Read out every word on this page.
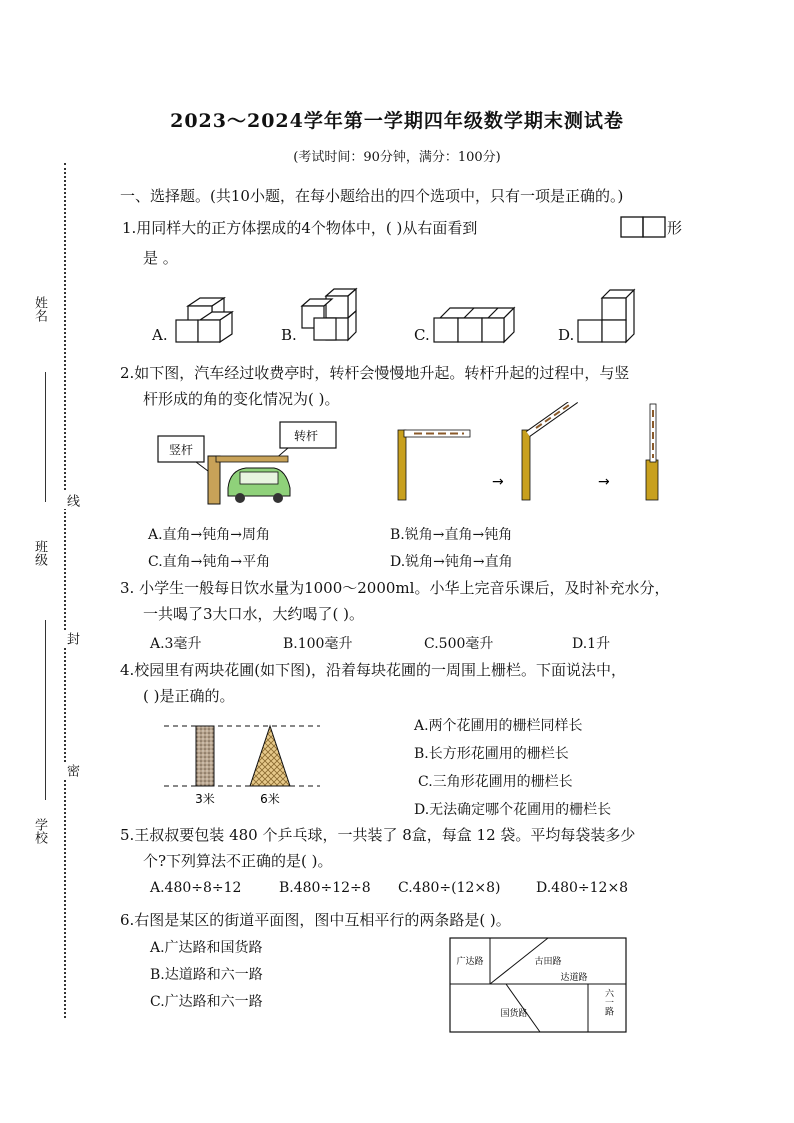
2023～2024学年第一学期四年级数学期末测试卷
(考试时间：90分钟，满分：100分)
姓名
班级
学校
线
封
密
一、选择题。(共10小题，在每小题给出的四个选项中，只有一项是正确的。)
1.用同样大的正方体摆成的4个物体中，( )从右面看到	形
是 。
A.	B.	C.	D.
2.如下图，汽车经过收费亭时，转杆会慢慢地升起。转杆升起的过程中，与竖
杆形成的角的变化情况为( )。
竖杆
转杆
→	→
A.直角→钝角→周角	B.锐角→直角→钝角
C.直角→钝角→平角	D.锐角→钝角→直角
3. 小学生一般每日饮水量为1000～2000ml。小华上完音乐课后，及时补充水分，
一共喝了3大口水，大约喝了( )。
A.3毫升	B.100毫升	C.500毫升	D.1升
4.校园里有两块花圃(如下图)，沿着每块花圃的一周围上栅栏。下面说法中，
( )是正确的。
3米	6米
A.两个花圃用的栅栏同样长
B.长方形花圃用的栅栏长
C.三角形花圃用的栅栏长
D.无法确定哪个花圃用的栅栏长
5.王叔叔要包装 480 个乒乓球，一共装了 8盒，每盒 12 袋。平均每袋装多少
个?下列算法不正确的是( )。
A.480÷8÷12	B.480÷12÷8 C.480÷(12×8)	D.480÷12×8
6.右图是某区的街道平面图，图中互相平行的两条路是( )。
A.广达路和国货路
B.达道路和六一路
C.广达路和六一路
广达路	古田路
达道路
国货路	六一路
